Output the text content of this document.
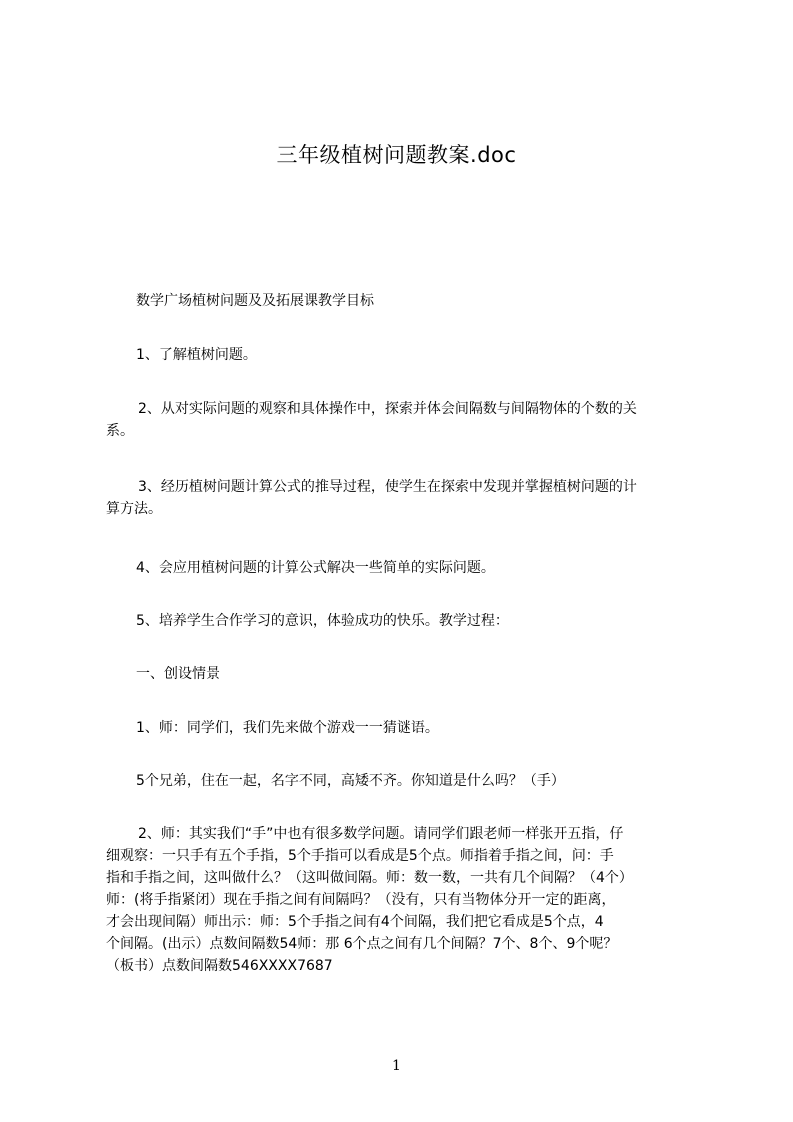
三年级植树问题教案.doc
数学广场植树问题及及拓展课教学目标
1、了解植树问题。
2、从对实际问题的观察和具体操作中，探索并体会间隔数与间隔物体的个数的关
系。
3、经历植树问题计算公式的推导过程，使学生在探索中发现并掌握植树问题的计
算方法。
4、会应用植树问题的计算公式解决一些简单的实际问题。
5、培养学生合作学习的意识，体验成功的快乐。教学过程：
一、创设情景
1、师：同学们，我们先来做个游戏一一猜谜语。
5个兄弟，住在一起，名字不同，高矮不齐。你知道是什么吗？（手）
2、师：其实我们“手”中也有很多数学问题。请同学们跟老师一样张开五指，仔
细观察：一只手有五个手指，5个手指可以看成是5个点。师指着手指之间，问：手
指和手指之间，这叫做什么？（这叫做间隔。师：数一数，一共有几个间隔？（4个）
师：(将手指紧闭）现在手指之间有间隔吗？（没有，只有当物体分开一定的距离，
才会出现间隔）师出示：师：5个手指之间有4个间隔，我们把它看成是5个点，4
个间隔。(出示）点数间隔数54师：那 6个点之间有几个间隔？7个、8个、9个呢？
（板书）点数间隔数546XXXX7687
1
